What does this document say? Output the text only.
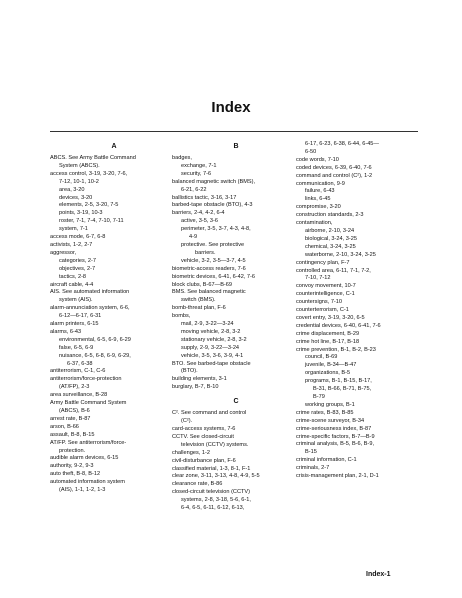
Index
A
ABCS. See Army Battle Command
System (ABCS).
access control, 3-19, 3-20, 7-6,
7-12, 10-1, 10-2
area, 3-20
devices, 3-20
elements, 2-5, 3-20, 7-5
points, 3-19, 10-3
roster, 7-1, 7-4, 7-10, 7-11
system, 7-1
access mode, 6-7, 6-8
activists, 1-2, 2-7
aggressor,
categories, 2-7
objectives, 2-7
tactics, 2-8
aircraft cable, 4-4
AIS. See automated information
system (AIS).
alarm-annunciation system, 6-6,
6-12—6-17, 6-31
alarm printers, 6-15
alarms, 6-43
environmental, 6-5, 6-9, 6-29
false, 6-5, 6-9
nuisance, 6-5, 6-8, 6-9, 6-29,
6-37, 6-38
antiterrorism, C-1, C-6
antiterrorism/force-protection
(AT/FP), 2-3
area surveillance, B-28
Army Battle Command System
(ABCS), B-6
arrest rate, B-87
arson, B-66
assault, B-8, B-15
AT/FP. See antiterrorism/force-
protection.
audible alarm devices, 6-15
authority, 9-2, 9-3
auto theft, B-8, B-12
automated information system
(AIS), 1-1, 1-2, 1-3
B
badges,
exchange, 7-1
security, 7-6
balanced magnetic switch (BMS),
6-21, 6-22
ballistics tactic, 3-16, 3-17
barbed-tape obstacle (BTO), 4-3
barriers, 2-4, 4-2, 6-4
active, 3-5, 3-6
perimeter, 3-5, 3-7, 4-3, 4-8,
4-9
protective. See protective
barriers.
vehicle, 3-2, 3-5—3-7, 4-5
biometric-access readers, 7-6
biometric devices, 6-41, 6-42, 7-6
block clubs, B-67—B-69
BMS. See balanced magnetic
switch (BMS).
bomb-threat plan, F-6
bombs,
mail, 2-9, 3-22—3-24
moving vehicle, 2-8, 3-2
stationary vehicle, 2-8, 3-2
supply, 2-9, 3-22—3-24
vehicle, 3-5, 3-6, 3-9, 4-1
BTO. See barbed-tape obstacle
(BTO).
building elements, 3-1
burglary, B-7, B-10
C
C². See command and control
(C²).
card-access systems, 7-6
CCTV. See closed-circuit
television (CCTV) systems.
challenges, 1-2
civil-disturbance plan, F-6
classified material, 1-3, 8-1, F-1
clear zone, 3-11, 3-13, 4-8, 4-9, 5-5
clearance rate, B-86
closed-circuit television (CCTV)
systems, 2-8, 3-18, 5-6, 6-1,
6-4, 6-5, 6-11, 6-12, 6-13,
6-17, 6-23, 6-38, 6-44, 6-45—
6-50
code words, 7-10
coded devices, 6-39, 6-40, 7-6
command and control (C²), 1-2
communication, 9-9
failure, 6-43
links, 6-45
compromise, 3-20
construction standards, 2-3
contamination,
airborne, 2-10, 3-24
biological, 3-24, 3-25
chemical, 3-24, 3-25
waterborne, 2-10, 3-24, 3-25
contingency plan, F-7
controlled area, 6-11, 7-1, 7-2,
7-10, 7-12
convoy movement, 10-7
counterintelligence, C-1
countersigns, 7-10
counterterrorism, C-1
covert entry, 3-19, 3-20, 6-5
credential devices, 6-40, 6-41, 7-6
crime displacement, B-29
crime hot line, B-17, B-18
crime prevention, B-1, B-2, B-23
council, B-69
juvenile, B-34—B-47
organizations, B-5
programs, B-1, B-15, B-17,
B-31, B-66, B-71, B-75,
B-79
working groups, B-1
crime rates, B-83, B-85
crime-scene surveyor, B-34
crime-seriousness index, B-87
crime-specific factors, B-7—B-9
criminal analysis, B-5, B-6, B-9,
B-15
criminal information, C-1
criminals, 2-7
crisis-management plan, 2-1, D-1
Index-1
